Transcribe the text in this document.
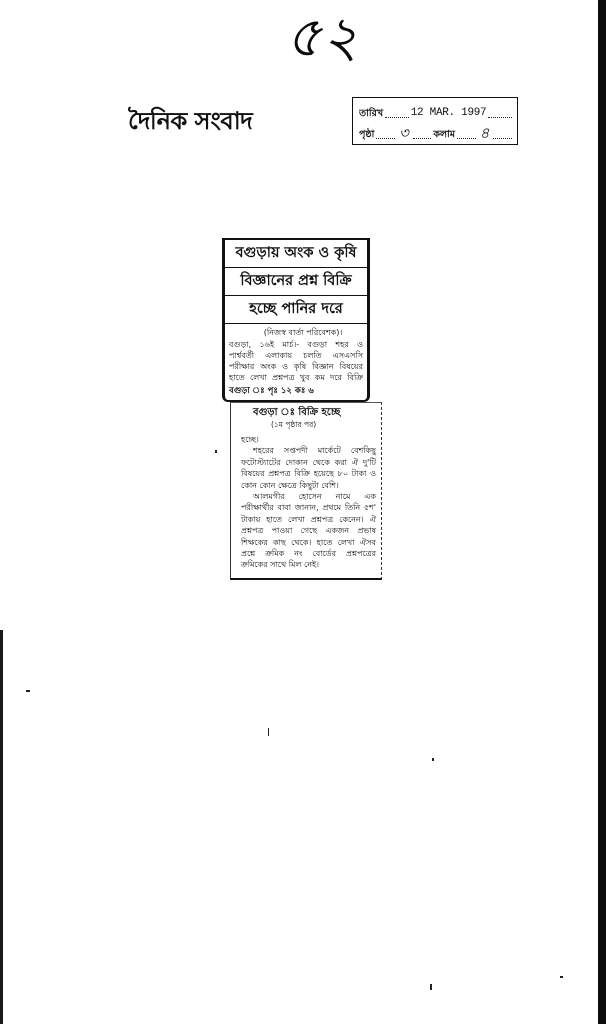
৫২
দৈনিক সংবাদ	তারিখ	12 MAR. 1997
পৃষ্ঠা ৩	কলাম ৪
বগুড়ায় অংক ও কৃষি
বিজ্ঞানের প্রশ্ন বিক্রি
হচ্ছে পানির দরে
(নিজস্ব বার্তা পরিবেশক)।
বগুড়া, ১৬ই মার্চ।- বগুড়া শহর ও
পার্শ্ববর্তী এলাকায় চলতি এসএসসি
পরীক্ষার অংক ও কৃষি বিজ্ঞান বিষয়ের
হাতে লেখা প্রশ্নপত্র খুব কম দরে বিক্রি
বগুড়া ঃ পৃঃ ১২ কঃ ৬
বগুড়া ঃ বিক্রি হচ্ছে
(১ম পৃষ্ঠার পর)
হচ্ছে।
শহরের সপ্তপদী মার্কেটে বেশকিছু
ফটোস্ট্যাটের দোকান থেকে করা ঐ দু'টি
বিষয়ের প্রশ্নপত্র বিক্রি হয়েছে ৮০ টাকা ও
কোন কোন ক্ষেত্রে কিছুটা বেশি।
আলমগীর হোসেন নামে এক
পরীক্ষার্থীর বাবা জানান, প্রথমে তিনি ৫শ'
টাকায় হাতে লেখা প্রশ্নপত্র কেনেন। ঐ
প্রশ্নপত্র পাওয়া গেছে একজন প্রভাষ
শিক্ষকের কাছ থেকে। হাতে লেখা ঐসব
প্রশ্নে ক্রমিক নং বোর্ডের প্রশ্নপত্রের
ক্রমিকের সাথে মিল নেই।
